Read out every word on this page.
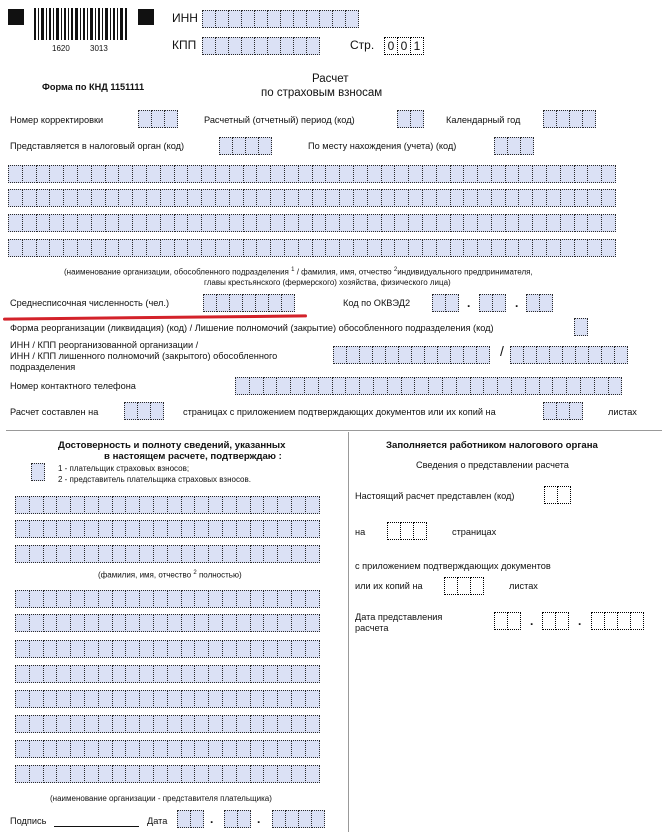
1620	3013
ИНН
КПП	Стр.	0 0 1
Форма по КНД 1151111
Расчет
по страховым взносам
Номер корректировки	Расчетный (отчетный) период (код)	Календарный год
Представляется в налоговый орган (код)	По месту нахождения (учета) (код)
(наименование организации, обособленного подразделения $^1$ / фамилия, имя, отчество $^2$индивидуального предпринимателя,
главы крестьянского (фермерского) хозяйства, физического лица)
Среднесписочная численность (чел.)	Код по ОКВЭД2	.	.
Форма реорганизации (ликвидация) (код) / Лишение полномочий (закрытие) обособленного подразделения (код)
ИНН / КПП реорганизованной организации /
ИНН / КПП лишенного полномочий (закрытого) обособленного
подразделения
/
Номер контактного телефона
Расчет составлен на	страницах с приложением подтверждающих документов или их копий на	листах
Достоверность и полноту сведений, указанных
в настоящем расчете, подтверждаю :
1 - плательщик страховых взносов;
2 - представитель плательщика страховых взносов.
(фамилия, имя, отчество $^2$ полностью)
(наименование организации - представителя плательщика)
Подпись	Дата	.	.
Заполняется работником налогового органа
Сведения о представлении расчета
Настоящий расчет представлен (код)
на	страницах
с приложением подтверждающих документов
или их копий на	листах
Дата представления
расчета	.	.
